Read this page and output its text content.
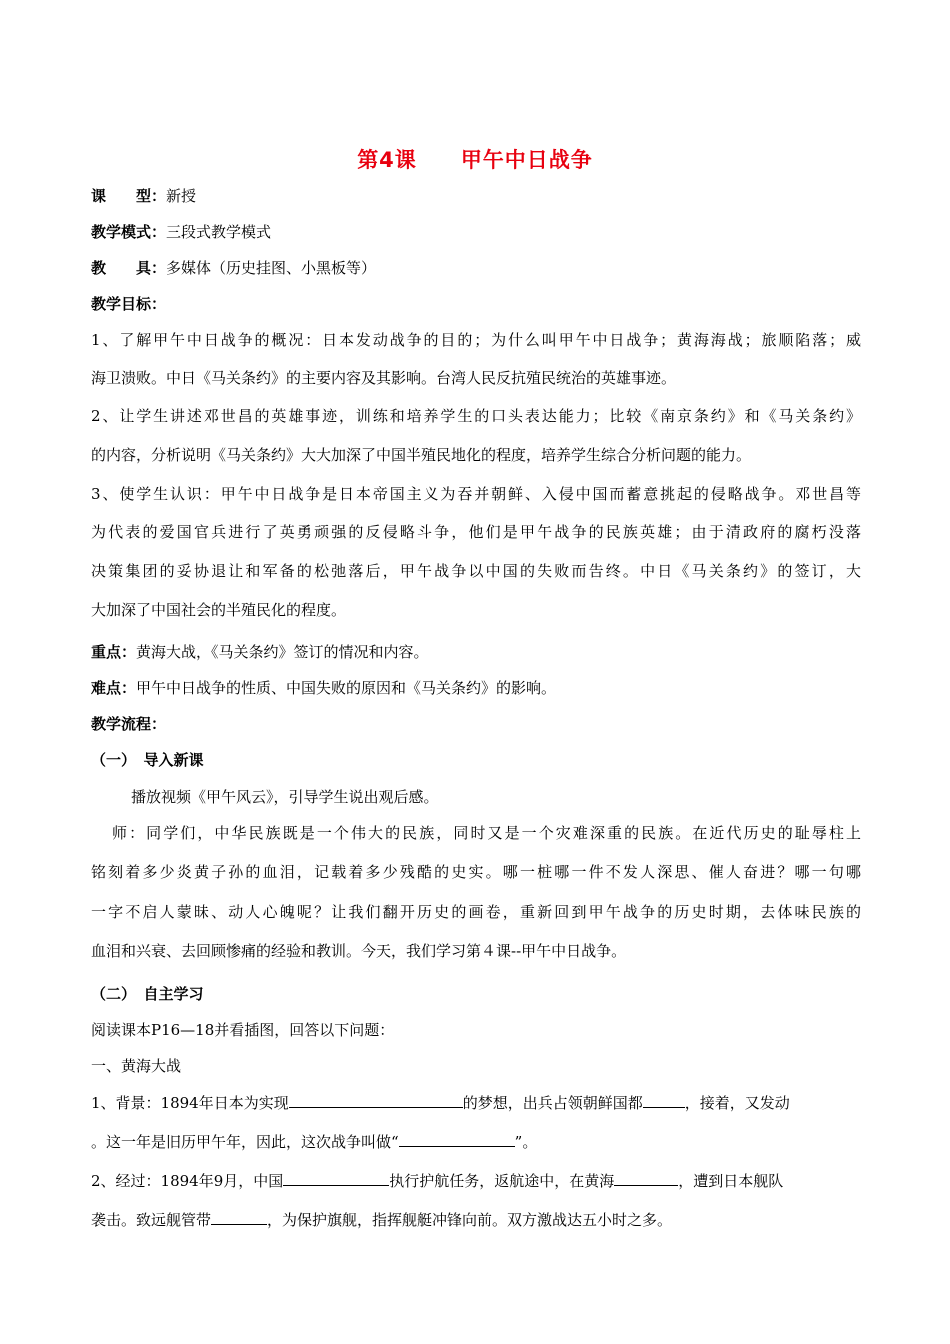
第4课 甲午中日战争
课　　型：新授
教学模式：三段式教学模式
教　　具：多媒体（历史挂图、小黑板等）
教学目标：
1、了解甲午中日战争的概况：日本发动战争的目的；为什么叫甲午中日战争；黄海海战；旅顺陷落；威
海卫溃败。中日《马关条约》的主要内容及其影响。台湾人民反抗殖民统治的英雄事迹。
2、让学生讲述邓世昌的英雄事迹，训练和培养学生的口头表达能力；比较《南京条约》和《马关条约》
的内容，分析说明《马关条约》大大加深了中国半殖民地化的程度，培养学生综合分析问题的能力。
3、使学生认识：甲午中日战争是日本帝国主义为吞并朝鲜、入侵中国而蓄意挑起的侵略战争。邓世昌等
为代表的爱国官兵进行了英勇顽强的反侵略斗争，他们是甲午战争的民族英雄；由于清政府的腐朽没落
决策集团的妥协退让和军备的松弛落后，甲午战争以中国的失败而告终。中日《马关条约》的签订，大
大加深了中国社会的半殖民化的程度。
重点：黄海大战，《马关条约》签订的情况和内容。
难点：甲午中日战争的性质、中国失败的原因和《马关条约》的影响。
教学流程：
（一）　导入新课
播放视频《甲午风云》，引导学生说出观后感。
师：同学们，中华民族既是一个伟大的民族，同时又是一个灾难深重的民族。在近代历史的耻辱柱上
铭刻着多少炎黄子孙的血泪，记载着多少残酷的史实。哪一桩哪一件不发人深思、催人奋进？哪一句哪
一字不启人蒙昧、动人心魄呢？让我们翻开历史的画卷，重新回到甲午战争的历史时期，去体味民族的
血泪和兴衰、去回顾惨痛的经验和教训。今天，我们学习第４课--甲午中日战争。
（二）　自主学习
阅读课本P16—18并看插图，回答以下问题：
一、黄海大战
1、背景：1894年日本为实现	的梦想，出兵占领朝鲜国都	，接着，又发动
。这一年是旧历甲午年，因此，这次战争叫做“	”。
2、经过：1894年9月，中国	执行护航任务，返航途中，在黄海	，遭到日本舰队
袭击。致远舰管带	，为保护旗舰，指挥舰艇冲锋向前。双方激战达五小时之多。
